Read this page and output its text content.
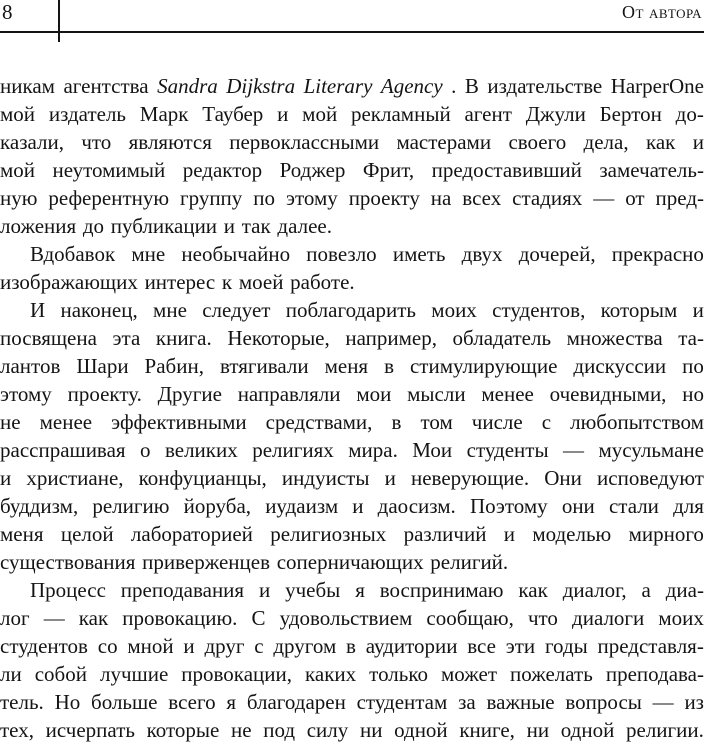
8	От автора
никам агентства Sandra Dijkstra Literary Agency . В издательстве HarperOne
мой издатель Марк Таубер и мой рекламный агент Джули Бертон до-
казали, что являются первоклассными мастерами своего дела, как и
мой неутомимый редактор Роджер Фрит, предоставивший замечатель-
ную референтную группу по этому проекту на всех стадиях — от пред-
ложения до публикации и так далее.
Вдобавок мне необычайно повезло иметь двух дочерей, прекрасно
изображающих интерес к моей работе.
И наконец, мне следует поблагодарить моих студентов, которым и
посвящена эта книга. Некоторые, например, обладатель множества та-
лантов Шари Рабин, втягивали меня в стимулирующие дискуссии по
этому проекту. Другие направляли мои мысли менее очевидными, но
не менее эффективными средствами, в том числе с любопытством
расспрашивая о великих религиях мира. Мои студенты — мусульмане
и христиане, конфуцианцы, индуисты и неверующие. Они исповедуют
буддизм, религию йоруба, иудаизм и даосизм. Поэтому они стали для
меня целой лабораторией религиозных различий и моделью мирного
существования приверженцев соперничающих религий.
Процесс преподавания и учебы я воспринимаю как диалог, а диа-
лог — как провокацию. С удовольствием сообщаю, что диалоги моих
студентов со мной и друг с другом в аудитории все эти годы представля-
ли собой лучшие провокации, каких только может пожелать преподава-
тель. Но больше всего я благодарен студентам за важные вопросы — из
тех, исчерпать которые не под силу ни одной книге, ни одной религии.
